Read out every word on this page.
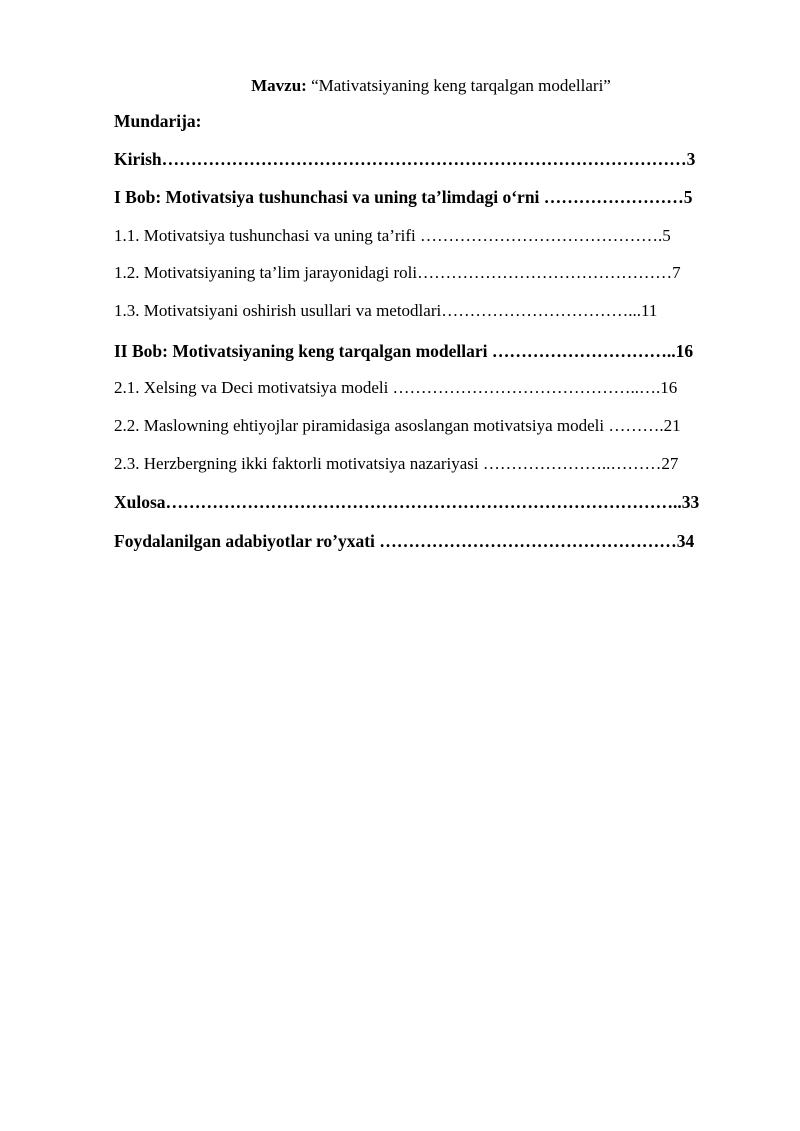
Mavzu: “Mativatsiyaning keng tarqalgan modellari”
Mundarija:
Kirish………………………………………………………………………………3
I Bob: Motivatsiya tushunchasi va uning ta’limdagi o‘rni ……………………5
1.1. Motivatsiya tushunchasi va uning ta’rifi …………………………………….5
1.2. Motivatsiyaning ta’lim jarayonidagi roli………………………………………7
1.3. Motivatsiyani oshirish usullari va metodlari……………………………...11
II Bob: Motivatsiyaning keng tarqalgan modellari …………………………..16
2.1. Xelsing va Deci motivatsiya modeli ……………………………………..….16
2.2. Maslowning ehtiyojlar piramidasiga asoslangan motivatsiya modeli ……….21
2.3. Herzbergning ikki faktorli motivatsiya nazariyasi …………………..………27
Xulosa……………………………………………………………………………..33
Foydalanilgan adabiyotlar ro’yxati ……………………………………………34
